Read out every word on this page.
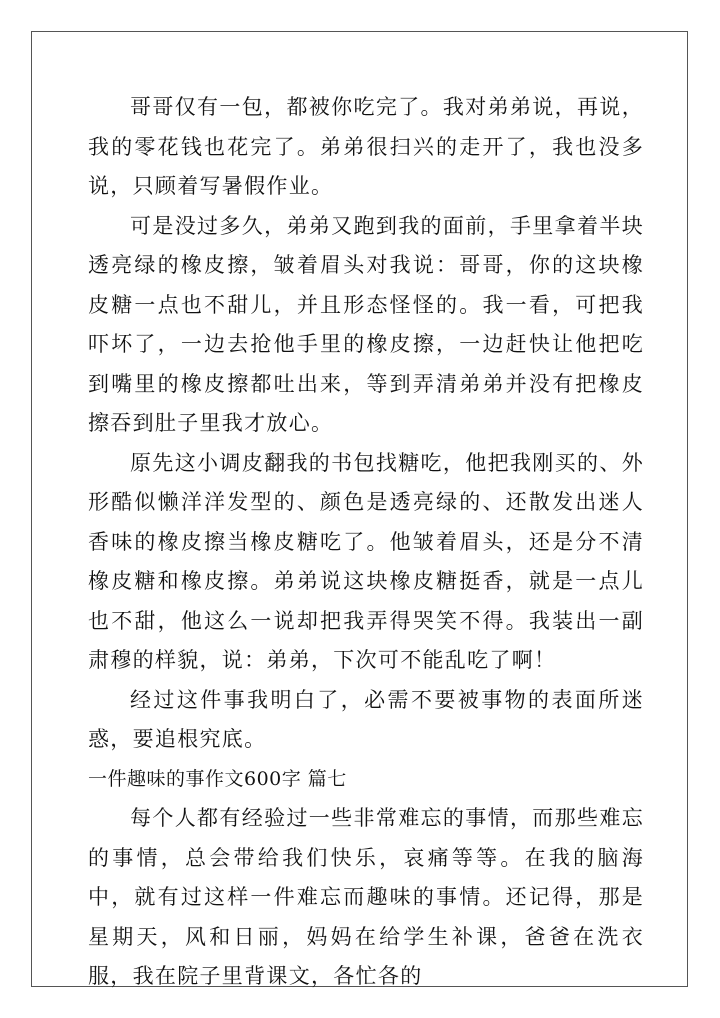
哥哥仅有一包，都被你吃完了。我对弟弟说，再说，我的零花钱也花完了。弟弟很扫兴的走开了，我也没多说，只顾着写暑假作业。

可是没过多久，弟弟又跑到我的面前，手里拿着半块透亮绿的橡皮擦，皱着眉头对我说：哥哥，你的这块橡皮糖一点也不甜儿，并且形态怪怪的。我一看，可把我吓坏了，一边去抢他手里的橡皮擦，一边赶快让他把吃到嘴里的橡皮擦都吐出来，等到弄清弟弟并没有把橡皮擦吞到肚子里我才放心。

原先这小调皮翻我的书包找糖吃，他把我刚买的、外形酷似懒洋洋发型的、颜色是透亮绿的、还散发出迷人香味的橡皮擦当橡皮糖吃了。他皱着眉头，还是分不清橡皮糖和橡皮擦。弟弟说这块橡皮糖挺香，就是一点儿也不甜，他这么一说却把我弄得哭笑不得。我装出一副肃穆的样貌，说：弟弟，下次可不能乱吃了啊！

经过这件事我明白了，必需不要被事物的表面所迷惑，要追根究底。

一件趣味的事作文600字 篇七

每个人都有经验过一些非常难忘的事情，而那些难忘的事情，总会带给我们快乐，哀痛等等。在我的脑海中，就有过这样一件难忘而趣味的事情。还记得，那是星期天，风和日丽，妈妈在给学生补课，爸爸在洗衣服，我在院子里背课文，各忙各的
